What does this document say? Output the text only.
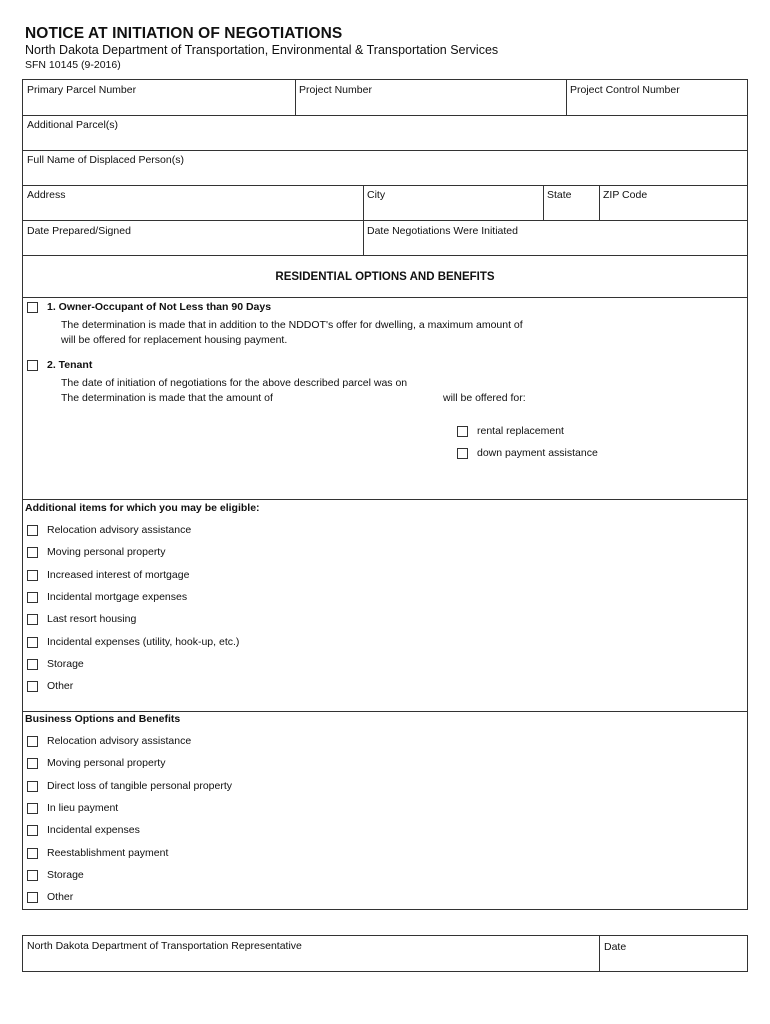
NOTICE AT INITIATION OF NEGOTIATIONS
North Dakota Department of Transportation, Environmental & Transportation Services
SFN 10145 (9-2016)
Primary Parcel Number	Project Number	Project Control Number
Additional Parcel(s)
Full Name of Displaced Person(s)
Address	City	State	ZIP Code
Date Prepared/Signed	Date Negotiations Were Initiated
RESIDENTIAL OPTIONS AND BENEFITS
1. Owner-Occupant of Not Less than 90 Days
The determination is made that in addition to the NDDOT's offer for dwelling, a maximum amount of
will be offered for replacement housing payment.
2. Tenant
The date of initiation of negotiations for the above described parcel was on
The determination is made that the amount of	will be offered for:
rental replacement
down payment assistance
Additional items for which you may be eligible:
Relocation advisory assistance
Moving personal property
Increased interest of mortgage
Incidental mortgage expenses
Last resort housing
Incidental expenses (utility, hook-up, etc.)
Storage
Other
Business Options and Benefits
Relocation advisory assistance
Moving personal property
Direct loss of tangible personal property
In lieu payment
Incidental expenses
Reestablishment payment
Storage
Other
North Dakota Department of Transportation Representative	Date
